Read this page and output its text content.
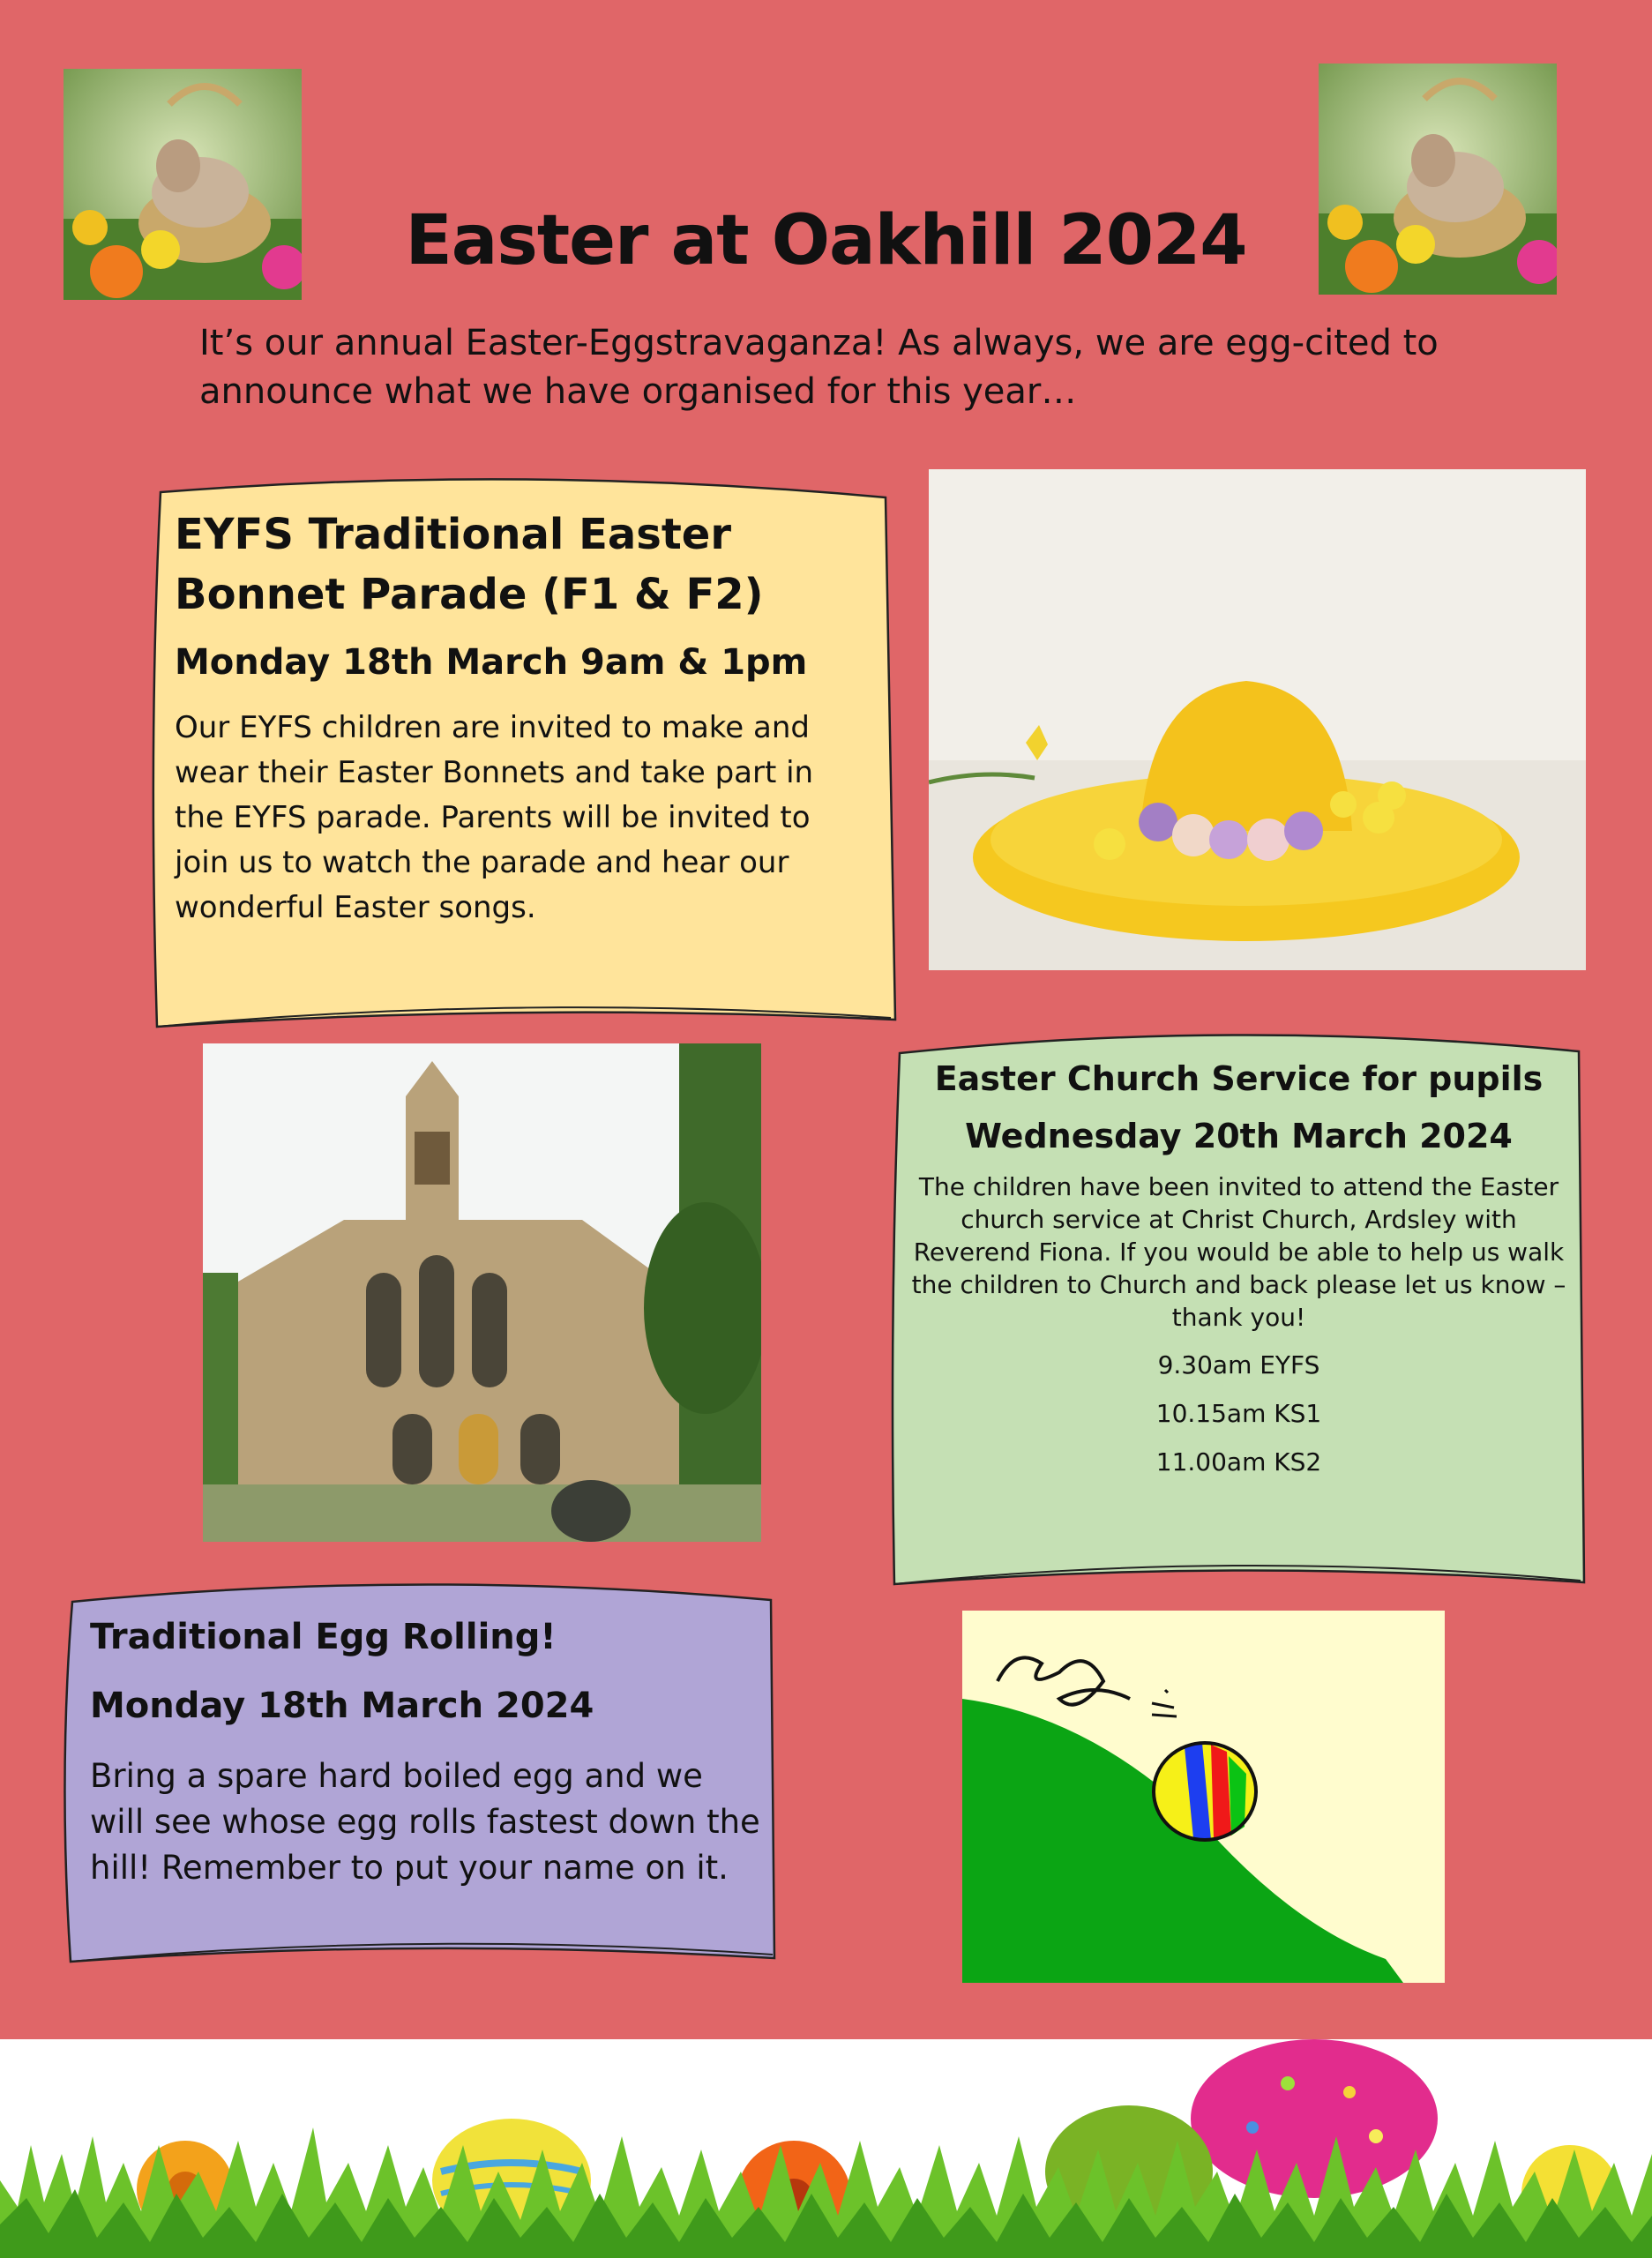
Easter at Oakhill 2024

It’s our annual Easter-Eggstravaganza! As always, we are egg-cited to announce what we have organised for this year…

EYFS Traditional Easter Bonnet Parade (F1 & F2)
Monday 18th March 9am & 1pm

Our EYFS children are invited to make and wear their Easter Bonnets and take part in the EYFS parade. Parents will be invited to join us to watch the parade and hear our wonderful Easter songs.

Easter Church Service for pupils
Wednesday 20th March 2024

The children have been invited to attend the Easter church service at Christ Church, Ardsley with Reverend Fiona. If you would be able to help us walk the children to Church and back please let us know – thank you!

9.30am EYFS

10.15am KS1

11.00am KS2

Traditional Egg Rolling!
Monday 18th March 2024

Bring a spare hard boiled egg and we will see whose egg rolls fastest down the hill! Remember to put your name on it.
